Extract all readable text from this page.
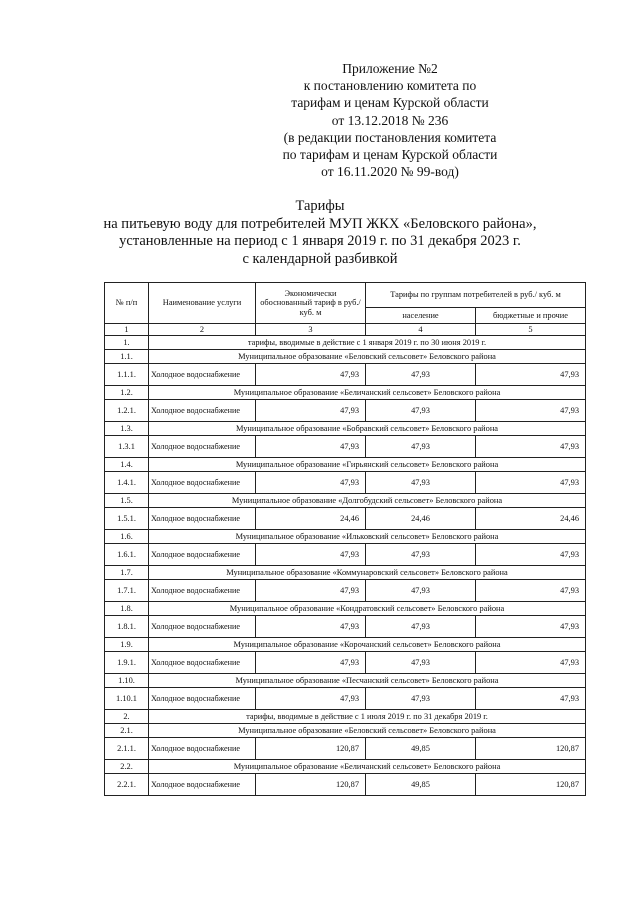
Приложение №2
к постановлению комитета по
тарифам и ценам Курской области
от 13.12.2018 № 236
(в редакции постановления комитета
по тарифам и ценам Курской области
от 16.11.2020 № 99-вод)
Тарифы
на питьевую воду для потребителей МУП ЖКХ «Беловского района»,
установленные на период с 1 января 2019 г. по 31 декабря 2023 г.
с календарной разбивкой
№ п/п	Наименование услуги	Экономически обоснованный тариф в руб./ куб. м	Тарифы по группам потребителей в руб./ куб. м	
			население	бюджетные и прочие
1	2	3	4	5
1.	тарифы, вводимые в действие с 1 января 2019 г. по 30 июня 2019 г.			
1.1.	Муниципальное образование «Беловский сельсовет» Беловского района			
1.1.1.	Холодное водоснабжение	47,93	47,93	47,93
1.2.	Муниципальное образование «Беличанский сельсовет» Беловского района			
1.2.1.	Холодное водоснабжение	47,93	47,93	47,93
1.3.	Муниципальное образование «Бобравский сельсовет» Беловского района			
1.3.1	Холодное водоснабжение	47,93	47,93	47,93
1.4.	Муниципальное образование «Гирьянский сельсовет» Беловского района			
1.4.1.	Холодное водоснабжение	47,93	47,93	47,93
1.5.	Муниципальное образование «Долгобудский сельсовет» Беловского района			
1.5.1.	Холодное водоснабжение	24,46	24,46	24,46
1.6.	Муниципальное образование «Ильковский сельсовет» Беловского района			
1.6.1.	Холодное водоснабжение	47,93	47,93	47,93
1.7.	Муниципальное образование «Коммунаровский сельсовет» Беловского района			
1.7.1.	Холодное водоснабжение	47,93	47,93	47,93
1.8.	Муниципальное образование «Кондратовский сельсовет» Беловского района			
1.8.1.	Холодное водоснабжение	47,93	47,93	47,93
1.9.	Муниципальное образование «Корочанский сельсовет» Беловского района			
1.9.1.	Холодное водоснабжение	47,93	47,93	47,93
1.10.	Муниципальное образование «Песчанский сельсовет» Беловского района			
1.10.1	Холодное водоснабжение	47,93	47,93	47,93
2.	тарифы, вводимые в действие с 1 июля 2019 г. по 31 декабря 2019 г.			
2.1.	Муниципальное образование «Беловский сельсовет» Беловского района			
2.1.1.	Холодное водоснабжение	120,87	49,85	120,87
2.2.	Муниципальное образование «Беличанский сельсовет» Беловского района			
2.2.1.	Холодное водоснабжение	120,87	49,85	120,87
